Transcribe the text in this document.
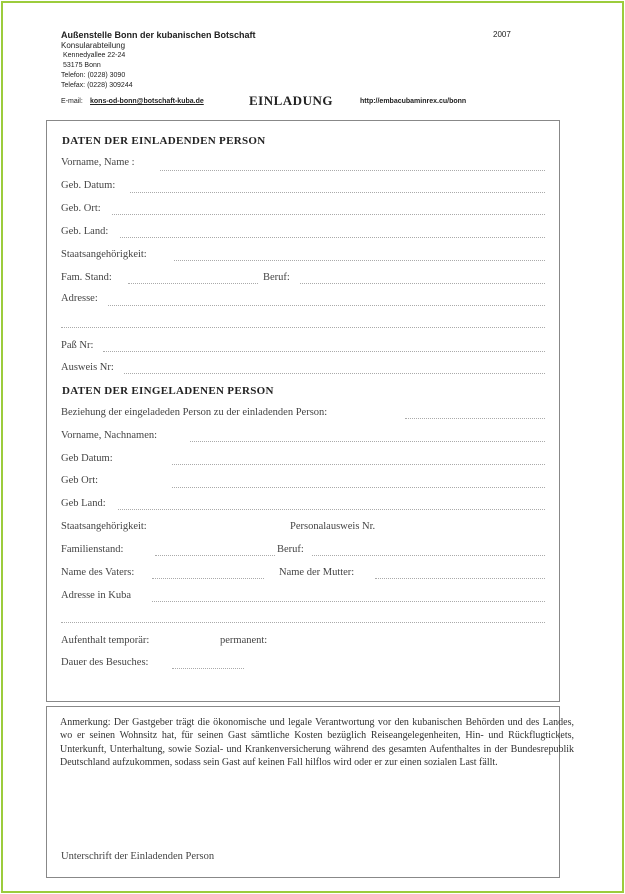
Außenstelle Bonn der kubanischen Botschaft	2007
Konsularabteilung
Kennedyallee 22-24
53175 Bonn
Telefon: (0228) 3090
Telefax: (0228) 309244
E-mail: kons-od-bonn@botschaft-kuba.de	EINLADUNG	http://embacubaminrex.cu/bonn
DATEN DER EINLADENDEN PERSON
Vorname, Name :
Geb. Datum:
Geb. Ort:
Geb. Land:
Staatsangehörigkeit:
Fam. Stand:	Beruf:
Adresse:
Paß Nr:
Ausweis Nr:
DATEN DER EINGELADENEN PERSON
Beziehung der eingeladeden Person zu der einladenden Person:
Vorname, Nachnamen:
Geb Datum:
Geb Ort:
Geb Land:
Staatsangehörigkeit:	Personalausweis Nr.
Familienstand:	Beruf:
Name des Vaters:	Name der Mutter:
Adresse in Kuba
Aufenthalt temporär:	permanent:
Dauer des Besuches:
Anmerkung: Der Gastgeber trägt die ökonomische und legale Verantwortung vor den kubanischen Behörden und des Landes, wo er seinen Wohnsitz hat, für seinen Gast sämtliche Kosten bezüglich Reiseangelegenheiten, Hin- und Rückflugtickets, Unterkunft, Unterhaltung, sowie Sozial- und Krankenversicherung während des gesamten Aufenthaltes in der Bundesrepublik Deutschland aufzukommen, sodass sein Gast auf keinen Fall hilflos wird oder er zur einen sozialen Last fällt.
Unterschrift der Einladenden Person
